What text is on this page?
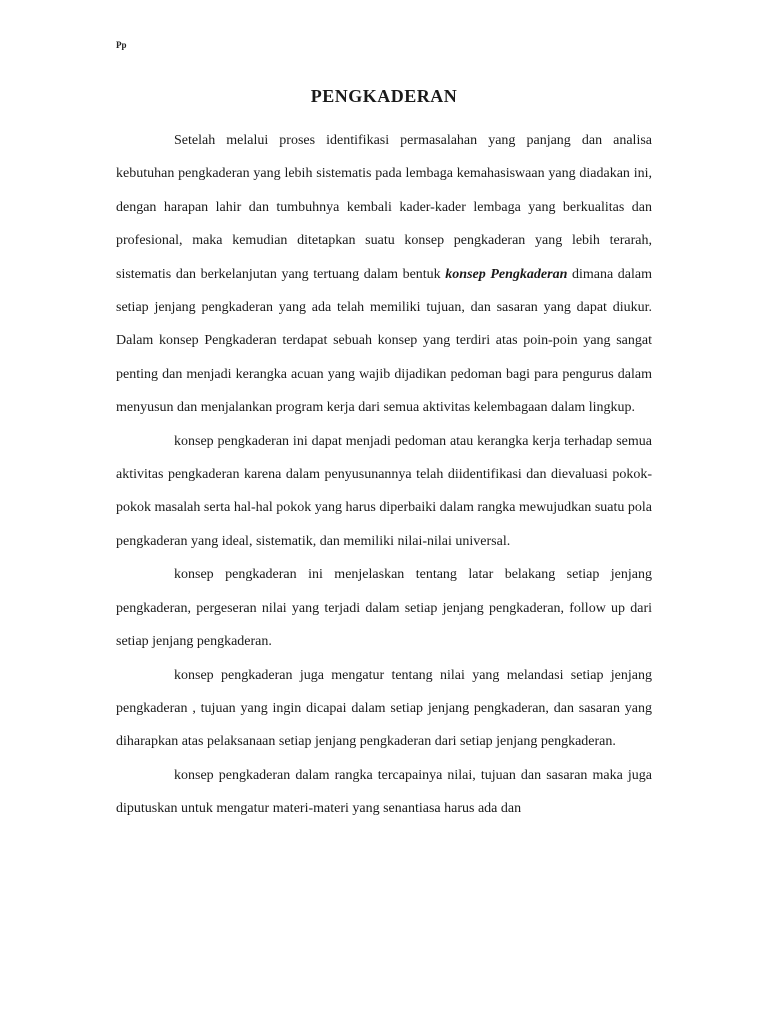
Pp
PENGKADERAN

Setelah melalui proses identifikasi permasalahan yang panjang dan analisa kebutuhan pengkaderan yang lebih sistematis pada lembaga kemahasiswaan yang diadakan ini, dengan harapan lahir dan tumbuhnya kembali kader-kader lembaga yang berkualitas dan profesional, maka kemudian ditetapkan suatu konsep pengkaderan yang lebih terarah, sistematis dan berkelanjutan yang tertuang dalam bentuk konsep Pengkaderan dimana dalam setiap jenjang pengkaderan yang ada telah memiliki tujuan, dan sasaran yang dapat diukur. Dalam konsep Pengkaderan terdapat sebuah konsep yang terdiri atas poin-poin yang sangat penting dan menjadi kerangka acuan yang wajib dijadikan pedoman bagi para pengurus dalam menyusun dan menjalankan program kerja dari semua aktivitas kelembagaan dalam lingkup.

konsep pengkaderan ini dapat menjadi pedoman atau kerangka kerja terhadap semua aktivitas pengkaderan karena dalam penyusunannya telah diidentifikasi dan dievaluasi pokok-pokok masalah serta hal-hal pokok yang harus diperbaiki dalam rangka mewujudkan suatu pola pengkaderan yang ideal, sistematik, dan memiliki nilai-nilai universal.

konsep pengkaderan ini menjelaskan tentang latar belakang setiap jenjang pengkaderan, pergeseran nilai yang terjadi dalam setiap jenjang pengkaderan, follow up dari setiap jenjang pengkaderan.

konsep pengkaderan juga mengatur tentang nilai yang melandasi setiap jenjang pengkaderan , tujuan yang ingin dicapai dalam setiap jenjang pengkaderan, dan sasaran yang diharapkan atas pelaksanaan setiap jenjang pengkaderan dari setiap jenjang pengkaderan.

konsep pengkaderan dalam rangka tercapainya nilai, tujuan dan sasaran maka juga diputuskan untuk mengatur materi-materi yang senantiasa harus ada dan
